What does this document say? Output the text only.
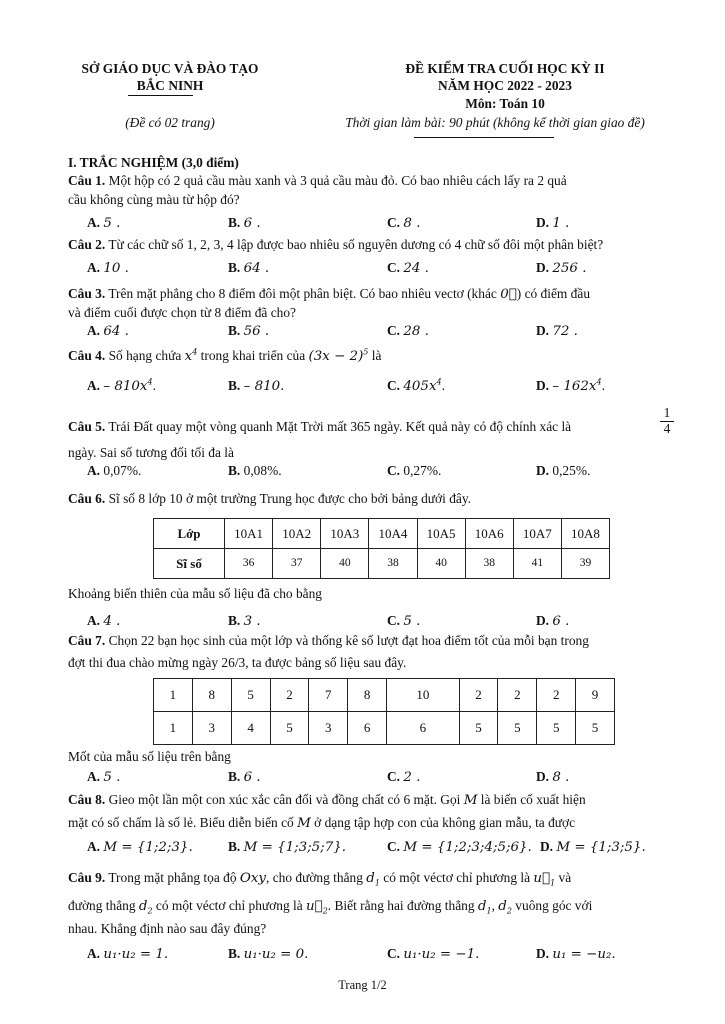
SỞ GIÁO DỤC VÀ ĐÀO TẠO
BẮC NINH
(Đề có 02 trang)
ĐỀ KIỂM TRA CUỐI HỌC KỲ II
NĂM HỌC 2022 - 2023
Môn: Toán 10
Thời gian làm bài: 90 phút (không kể thời gian giao đề)
I. TRẮC NGHIỆM (3,0 điểm)
Câu 1. Một hộp có 2 quả cầu màu xanh và 3 quả cầu màu đỏ. Có bao nhiêu cách lấy ra 2 quả
cầu không cùng màu từ hộp đó?
A. 5 .	B. 6 .	C. 8 .	D. 1 .
Câu 2. Từ các chữ số 1, 2, 3, 4 lập được bao nhiêu số nguyên dương có 4 chữ số đôi một phân biệt?
A. 10 .	B. 64 .	C. 24 .	D. 256 .
Câu 3. Trên mặt phẳng cho 8 điểm đôi một phân biệt. Có bao nhiêu vectơ (khác 0⃗) có điểm đầu
và điểm cuối được chọn từ 8 điểm đã cho?
A. 64 .	B. 56 .	C. 28 .	D. 72 .
Câu 4. Số hạng chứa $x^4$ trong khai triển của $(3x - 2)^5$ là
A. – $810x^4$.	B. – 810.	C. $405x^4$.	D. – $162x^4$.
Câu 5. Trái Đất quay một vòng quanh Mặt Trời mất 365 ngày. Kết quả này có độ chính xác là
1
4
ngày. Sai số tương đối tối đa là
A. 0,07%.	B. 0,08%.	C. 0,27%.	D. 0,25%.
Câu 6. Sĩ số 8 lớp 10 ở một trường Trung học được cho bởi bảng dưới đây.
Lớp	10A1	10A2	10A3	10A4	10A5	10A6	10A7	10A8
Sĩ số	36	37	40	38	40	38	41	39
Khoảng biến thiên của mẫu số liệu đã cho bằng
A. 4 .	B. 3 .	C. 5 .	D. 6 .
Câu 7. Chọn 22 bạn học sinh của một lớp và thống kê số lượt đạt hoa điểm tốt của mỗi bạn trong
đợt thi đua chào mừng ngày 26/3, ta được bảng số liệu sau đây.
1	8	5	2	7	8	10	2	2	2	9
1	3	4	5	3	6	6	5	5	5	5
Mốt của mẫu số liệu trên bằng
A. 5 .	B. 6 .	C. 2 .	D. 8 .
Câu 8. Gieo một lần một con xúc xắc cân đối và đồng chất có 6 mặt. Gọi M là biến cố xuất hiện
mặt có số chấm là số lẻ. Biểu diễn biến cố M ở dạng tập hợp con của không gian mẫu, ta được
A. M = {1;2;3}.	B. M = {1;3;5;7}.	C. M = {1;2;3;4;5;6}. D. M = {1;3;5}.
Câu 9. Trong mặt phẳng tọa độ Oxy, cho đường thẳng $d_1$ có một véctơ chỉ phương là $u⃗_1$ và
đường thẳng $d_2$ có một véctơ chỉ phương là $u⃗_2$. Biết rằng hai đường thẳng $d_1$, $d_2$ vuông góc với
nhau. Khẳng định nào sau đây đúng?
A. u₁·u₂ = 1.	B. u₁·u₂ = 0.	C. u₁·u₂ = −1.	D. u₁ = −u₂.
Trang 1/2
